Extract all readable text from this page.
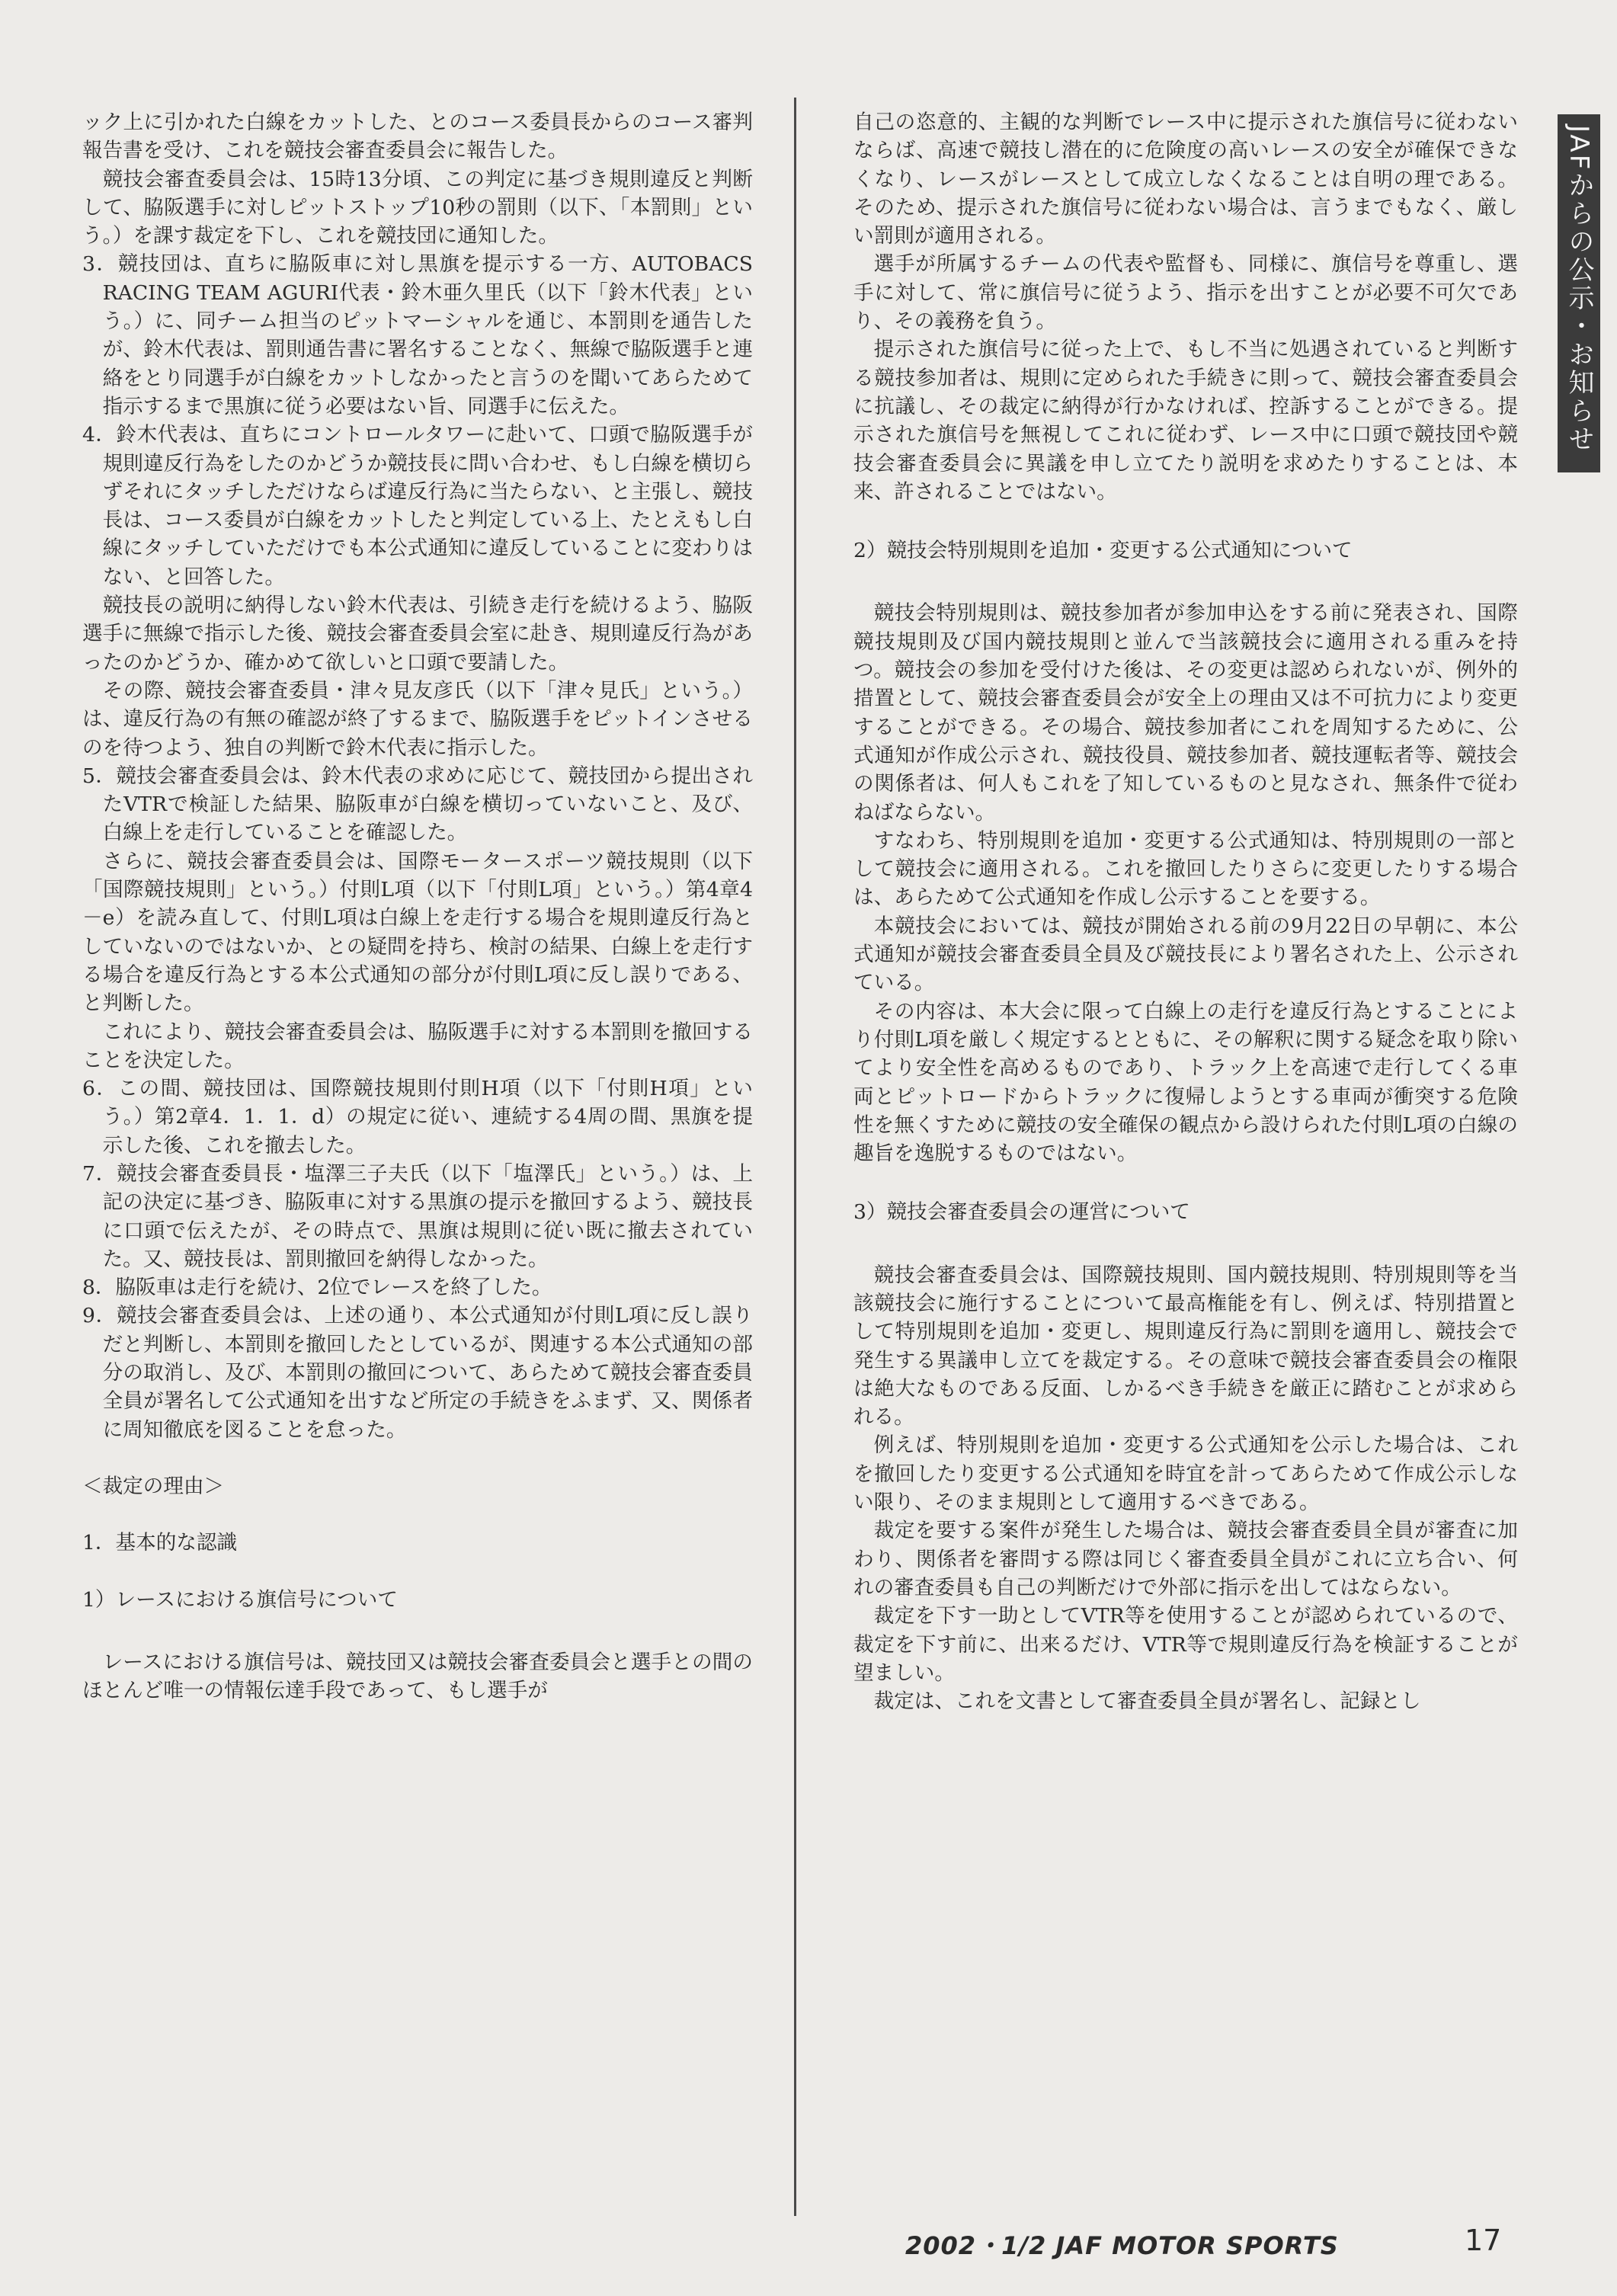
JAFからの公示・お知らせ

ック上に引かれた白線をカットした、とのコース委員長からのコース審判報告書を受け、これを競技会審査委員会に報告した。

競技会審査委員会は、15時13分頃、この判定に基づき規則違反と判断して、脇阪選手に対しピットストップ10秒の罰則（以下、「本罰則」という。）を課す裁定を下し、これを競技団に通知した。

3．競技団は、直ちに脇阪車に対し黒旗を提示する一方、AUTOBACS RACING TEAM AGURI代表・鈴木亜久里氏（以下「鈴木代表」という。）に、同チーム担当のピットマーシャルを通じ、本罰則を通告したが、鈴木代表は、罰則通告書に署名することなく、無線で脇阪選手と連絡をとり同選手が白線をカットしなかったと言うのを聞いてあらためて指示するまで黒旗に従う必要はない旨、同選手に伝えた。

4．鈴木代表は、直ちにコントロールタワーに赴いて、口頭で脇阪選手が規則違反行為をしたのかどうか競技長に問い合わせ、もし白線を横切らずそれにタッチしただけならば違反行為に当たらない、と主張し、競技長は、コース委員が白線をカットしたと判定している上、たとえもし白線にタッチしていただけでも本公式通知に違反していることに変わりはない、と回答した。

競技長の説明に納得しない鈴木代表は、引続き走行を続けるよう、脇阪選手に無線で指示した後、競技会審査委員会室に赴き、規則違反行為があったのかどうか、確かめて欲しいと口頭で要請した。

その際、競技会審査委員・津々見友彦氏（以下「津々見氏」という。）は、違反行為の有無の確認が終了するまで、脇阪選手をピットインさせるのを待つよう、独自の判断で鈴木代表に指示した。

5．競技会審査委員会は、鈴木代表の求めに応じて、競技団から提出されたVTRで検証した結果、脇阪車が白線を横切っていないこと、及び、白線上を走行していることを確認した。

さらに、競技会審査委員会は、国際モータースポーツ競技規則（以下「国際競技規則」という。）付則L項（以下「付則L項」という。）第4章4－e）を読み直して、付則L項は白線上を走行する場合を規則違反行為としていないのではないか、との疑問を持ち、検討の結果、白線上を走行する場合を違反行為とする本公式通知の部分が付則L項に反し誤りである、と判断した。

これにより、競技会審査委員会は、脇阪選手に対する本罰則を撤回することを決定した。

6．この間、競技団は、国際競技規則付則H項（以下「付則H項」という。）第2章4．1．1．d）の規定に従い、連続する4周の間、黒旗を提示した後、これを撤去した。

7．競技会審査委員長・塩澤三子夫氏（以下「塩澤氏」という。）は、上記の決定に基づき、脇阪車に対する黒旗の提示を撤回するよう、競技長に口頭で伝えたが、その時点で、黒旗は規則に従い既に撤去されていた。又、競技長は、罰則撤回を納得しなかった。

8．脇阪車は走行を続け、2位でレースを終了した。

9．競技会審査委員会は、上述の通り、本公式通知が付則L項に反し誤りだと判断し、本罰則を撤回したとしているが、関連する本公式通知の部分の取消し、及び、本罰則の撤回について、あらためて競技会審査委員全員が署名して公式通知を出すなど所定の手続きをふまず、又、関係者に周知徹底を図ることを怠った。

＜裁定の理由＞

1．基本的な認識

1）レースにおける旗信号について

レースにおける旗信号は、競技団又は競技会審査委員会と選手との間のほとんど唯一の情報伝達手段であって、もし選手が

自己の恣意的、主観的な判断でレース中に提示された旗信号に従わないならば、高速で競技し潜在的に危険度の高いレースの安全が確保できなくなり、レースがレースとして成立しなくなることは自明の理である。そのため、提示された旗信号に従わない場合は、言うまでもなく、厳しい罰則が適用される。

選手が所属するチームの代表や監督も、同様に、旗信号を尊重し、選手に対して、常に旗信号に従うよう、指示を出すことが必要不可欠であり、その義務を負う。

提示された旗信号に従った上で、もし不当に処遇されていると判断する競技参加者は、規則に定められた手続きに則って、競技会審査委員会に抗議し、その裁定に納得が行かなければ、控訴することができる。提示された旗信号を無視してこれに従わず、レース中に口頭で競技団や競技会審査委員会に異議を申し立てたり説明を求めたりすることは、本来、許されることではない。

2）競技会特別規則を追加・変更する公式通知について

競技会特別規則は、競技参加者が参加申込をする前に発表され、国際競技規則及び国内競技規則と並んで当該競技会に適用される重みを持つ。競技会の参加を受付けた後は、その変更は認められないが、例外的措置として、競技会審査委員会が安全上の理由又は不可抗力により変更することができる。その場合、競技参加者にこれを周知するために、公式通知が作成公示され、競技役員、競技参加者、競技運転者等、競技会の関係者は、何人もこれを了知しているものと見なされ、無条件で従わねばならない。

すなわち、特別規則を追加・変更する公式通知は、特別規則の一部として競技会に適用される。これを撤回したりさらに変更したりする場合は、あらためて公式通知を作成し公示することを要する。

本競技会においては、競技が開始される前の9月22日の早朝に、本公式通知が競技会審査委員全員及び競技長により署名された上、公示されている。

その内容は、本大会に限って白線上の走行を違反行為とすることにより付則L項を厳しく規定するとともに、その解釈に関する疑念を取り除いてより安全性を高めるものであり、トラック上を高速で走行してくる車両とピットロードからトラックに復帰しようとする車両が衝突する危険性を無くすために競技の安全確保の観点から設けられた付則L項の白線の趣旨を逸脱するものではない。

3）競技会審査委員会の運営について

競技会審査委員会は、国際競技規則、国内競技規則、特別規則等を当該競技会に施行することについて最高権能を有し、例えば、特別措置として特別規則を追加・変更し、規則違反行為に罰則を適用し、競技会で発生する異議申し立てを裁定する。その意味で競技会審査委員会の権限は絶大なものである反面、しかるべき手続きを厳正に踏むことが求められる。

例えば、特別規則を追加・変更する公式通知を公示した場合は、これを撤回したり変更する公式通知を時宜を計ってあらためて作成公示しない限り、そのまま規則として適用するべきである。

裁定を要する案件が発生した場合は、競技会審査委員全員が審査に加わり、関係者を審問する際は同じく審査委員全員がこれに立ち合い、何れの審査委員も自己の判断だけで外部に指示を出してはならない。

裁定を下す一助としてVTR等を使用することが認められているので、裁定を下す前に、出来るだけ、VTR等で規則違反行為を検証することが望ましい。

裁定は、これを文書として審査委員全員が署名し、記録とし

2002・1/2 JAF MOTOR SPORTS	17
